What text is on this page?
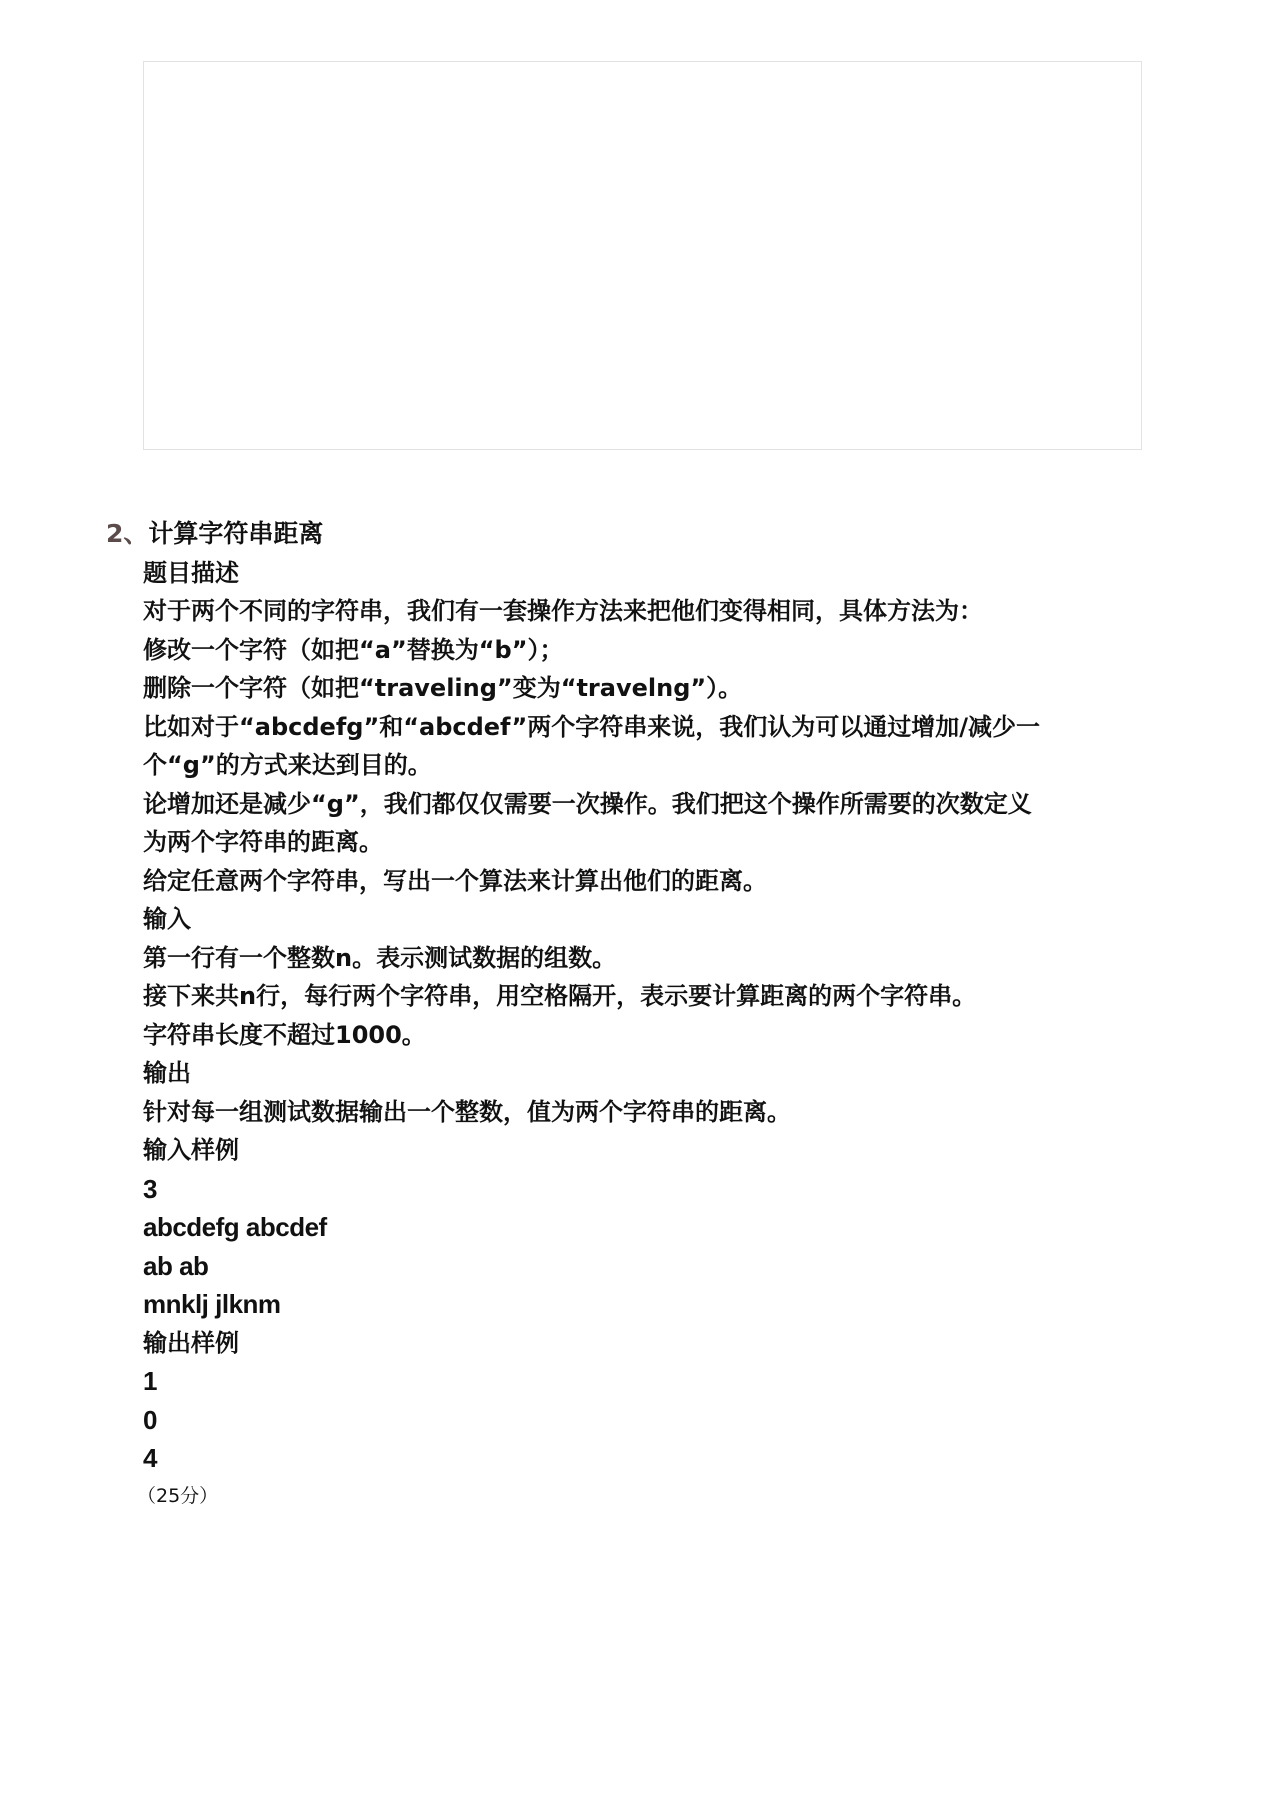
2、计算字符串距离
题目描述
对于两个不同的字符串，我们有一套操作方法来把他们变得相同，具体方法为：
修改一个字符（如把“a”替换为“b”）；
删除一个字符（如把“traveling”变为“travelng”）。
比如对于“abcdefg”和“abcdef”两个字符串来说，我们认为可以通过增加/减少一
个“g”的方式来达到目的。
论增加还是减少“g”，我们都仅仅需要一次操作。我们把这个操作所需要的次数定义
为两个字符串的距离。
给定任意两个字符串，写出一个算法来计算出他们的距离。
输入
第一行有一个整数n。表示测试数据的组数。
接下来共n行，每行两个字符串，用空格隔开，表示要计算距离的两个字符串。
字符串长度不超过1000。
输出
针对每一组测试数据输出一个整数，值为两个字符串的距离。
输入样例
3
abcdefg abcdef
ab ab
mnklj jlknm
输出样例
1
0
4
（25分）
